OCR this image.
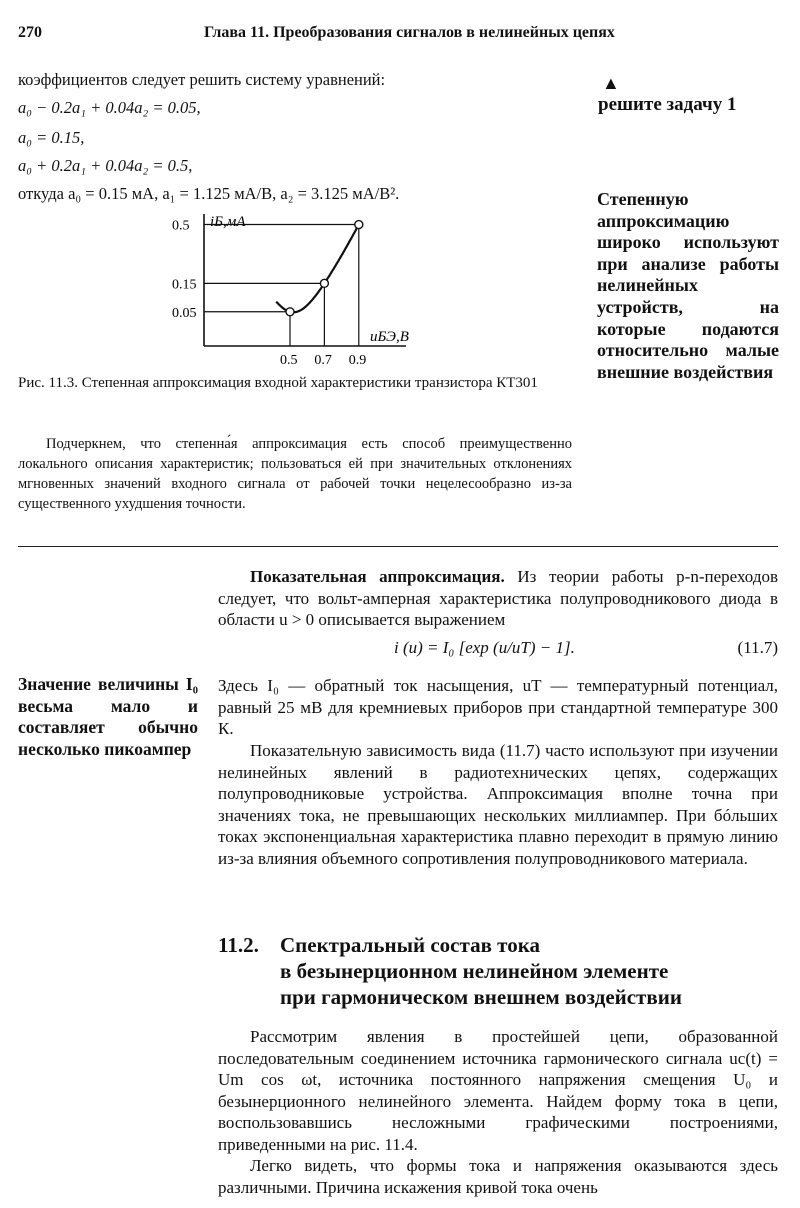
270	Глава 11. Преобразования сигналов в нелинейных цепях
коэффициентов следует решить систему уравнений:
a₀ − 0.2a₁ + 0.04a₂ = 0.05,
a₀ = 0.15,
a₀ + 0.2a₁ + 0.04a₂ = 0.5,
откуда a₀ = 0.15 мА, a₁ = 1.125 мА/В, a₂ = 3.125 мА/В².
▲
решите задачу 1
Степенную аппроксимацию широко используют при анализе работы нелинейных устройств, на которые подаются относительно малые внешние воздействия
iБ,мА
uБЭ,В
0.05
0.15
0.5
0.5 0.7 0.9
Рис. 11.3. Степенная аппроксимация входной характеристики транзистора КТ301
Подчеркнем, что степенна́я аппроксимация есть способ преимущественно локального описания характеристик; пользоваться ей при значительных отклонениях мгновенных значений входного сигнала от рабочей точки нецелесообразно из-за существенного ухудшения точности.
Показательная аппроксимация. Из теории работы p-n-переходов следует, что вольт-амперная характеристика полупроводникового диода в области u > 0 описывается выражением
i (u) = I₀ [exp (u/uT) − 1].	(11.7)
Значение величины I₀ весьма мало и составляет обычно несколько пикоампер
Здесь I₀ — обратный ток насыщения, uT — температурный потенциал, равный 25 мВ для кремниевых приборов при стандартной температуре 300 К.
Показательную зависимость вида (11.7) часто используют при изучении нелинейных явлений в радиотехнических цепях, содержащих полупроводниковые устройства. Аппроксимация вполне точна при значениях тока, не превышающих нескольких миллиампер. При бóльших токах экспоненциальная характеристика плавно переходит в прямую линию из-за влияния объемного сопротивления полупроводникового материала.
11.2. Спектральный состав тока
в безынерционном нелинейном элементе
при гармоническом внешнем воздействии
Рассмотрим явления в простейшей цепи, образованной последовательным соединением источника гармонического сигнала uc(t) = Um cos ωt, источника постоянного напряжения смещения U₀ и безынерционного нелинейного элемента. Найдем форму тока в цепи, воспользовавшись несложными графическими построениями, приведенными на рис. 11.4.
Легко видеть, что формы тока и напряжения оказываются здесь различными. Причина искажения кривой тока очень
